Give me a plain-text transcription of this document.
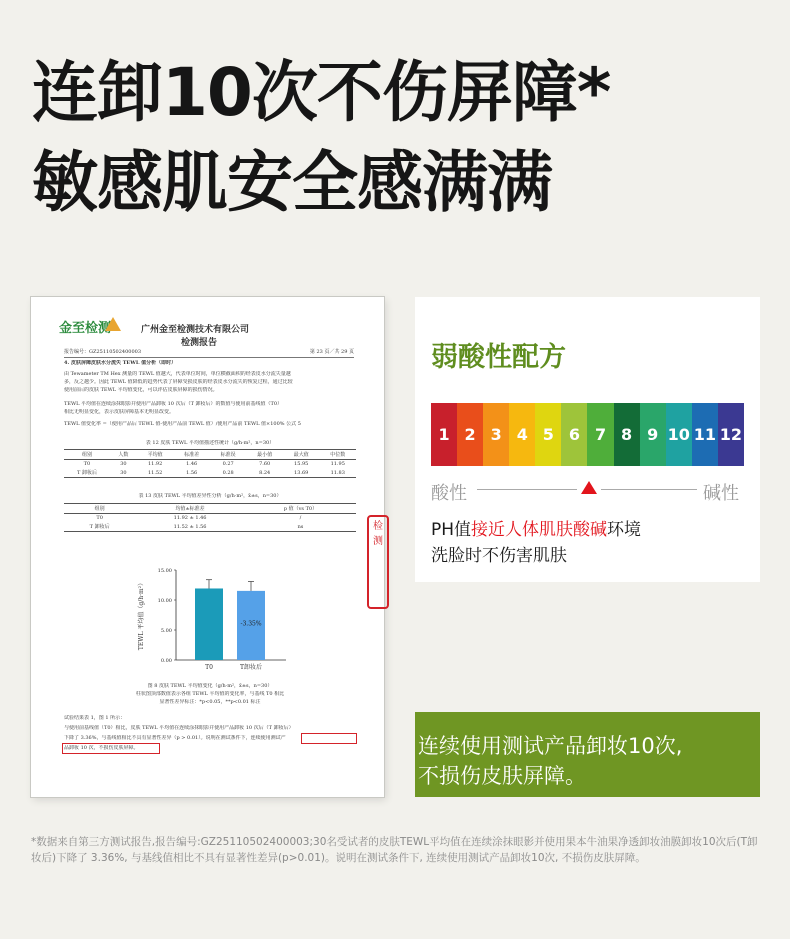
连卸10次不伤屏障*
敏感肌安全感满满
金至检测	广州金至检测技术有限公司
检测报告
报告编号：GZ25110502400003	第 23 页／共 29 页
4. 皮肤屏障皮肤水分流失 TEWL 值分析（即时）
由 Tewameter TM Hex 测量的 TEWL 值越大，代表单位时间，单位横截面积的经表皮水分流失量越
多，反之越少。因此 TEWL 值降低的趋势代表了屏障受损皮肤的经表皮水分流失的恢复过程，通过比较
使用前后的皮肤 TEWL 平均值变化，可以评估皮肤屏障的损伤情况。
TEWL 平均值在连续涂抹眼影并使用产品卸妆 10 次后（T 卸妆后）的数值与使用前基线值（T0）
相比无明显变化，表示皮肤屏障基本无明显改变。
TEWL 值变化率 =（使用产品后 TEWL 值-使用产品前 TEWL 值）/使用产品前 TEWL 值×100% 公式 5
表 12 皮肤 TEWL 平均值描述性统计（g/h·m²，n=30）
组别	人数	平均值	标准差	标准误	最小值	最大值	中位数
T0	30	11.92	1.46	0.27	7.60	15.95	11.95
T 卸妆后	30	11.52	1.56	0.28	8.24	13.69	11.83
表 13 皮肤 TEWL 平均值差异性分析（g/h·m²，x̄±s，n=30）
组别	均值±标准差	p 值（vs T0）
T0	11.92 ± 1.46	/
T 卸妆后	11.52 ± 1.56	ns
0.00
5.00
10.00
15.00
TEWL 平均值（g/h·m²）
T0	T卸妆后
-3.35%
图 8 皮肤 TEWL 平均值变化（g/h·m²，x̄±s，n=30）
柱状图顶部数值表示各组 TEWL 平均值的变化率，与基线 T0 相比
显著性差异标注：*p<0.05，**p<0.01 标注
试验结果表 1，图 1 所示：
与使用前基线值（T0）相比，皮肤 TEWL 平均值在连续涂抹眼影并使用产品卸妆 10 次后（T 卸妆后）
下降了 3.36%，与基线值相比不具有显著性差异（p > 0.01）。说明在测试条件下，连续使用测试产
品卸妆 10 次，不损伤皮肤屏障。
检 测
弱酸性配方
1 2 3 4 5 6 7 8 9 10 11 12
酸性	碱性
PH值接近人体肌肤酸碱环境
洗脸时不伤害肌肤
连续使用测试产品卸妆10次,
不损伤皮肤屏障。
*数据来自第三方测试报告,报告编号:GZ25110502400003;30名受试者的皮肤TEWL平均值在连续涂抹眼影并使用果本牛油果净透卸妆油膜卸妆10次后(T卸妆后)下降了 3.36%, 与基线值相比不具有显著性差异(p>0.01)。说明在测试条件下, 连续使用测试产品卸妆10次, 不损伤皮肤屏障。
